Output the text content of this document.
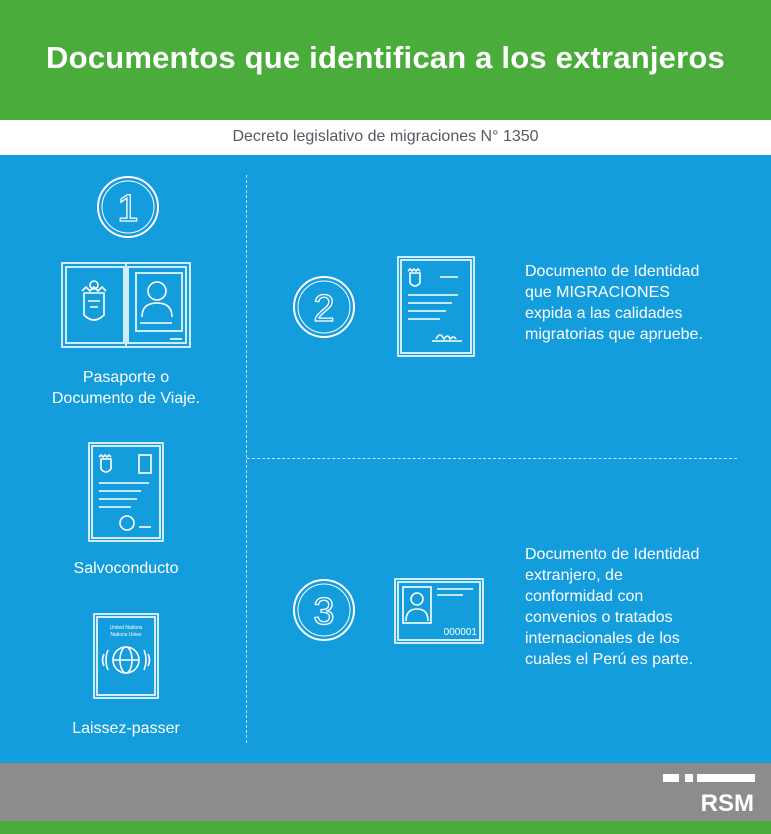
Documentos que identifican a los extranjeros
Decreto legislativo de migraciones N° 1350
1
Pasaporte o
Documento de Viaje.
Salvoconducto
United Nations
Nations Unies
Laissez-passer
2
Documento de Identidad
que MIGRACIONES
expida a las calidades
migratorias que apruebe.
3	000001
Documento de Identidad
extranjero, de
conformidad con
convenios o tratados
internacionales de los
cuales el Perú es parte.
RSM
